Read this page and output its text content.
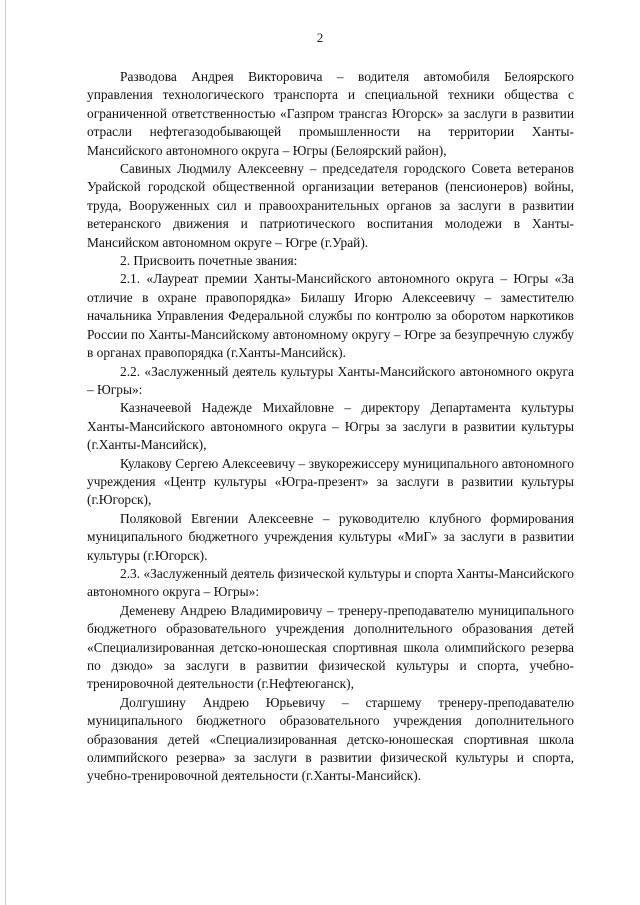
2

Разводова Андрея Викторовича – водителя автомобиля Белоярского управления технологического транспорта и специальной техники общества с ограниченной ответственностью «Газпром трансгаз Югорск» за заслуги в развитии отрасли нефтегазодобывающей промышленности на территории Ханты-Мансийского автономного округа – Югры (Белоярский район),

Савиных Людмилу Алексеевну – председателя городского Совета ветеранов Урайской городской общественной организации ветеранов (пенсионеров) войны, труда, Вооруженных сил и правоохранительных органов за заслуги в развитии ветеранского движения и патриотического воспитания молодежи в Ханты-Мансийском автономном округе – Югре (г.Урай).

2. Присвоить почетные звания:

2.1. «Лауреат премии Ханты-Мансийского автономного округа – Югры «За отличие в охране правопорядка» Билашу Игорю Алексеевичу – заместителю начальника Управления Федеральной службы по контролю за оборотом наркотиков России по Ханты-Мансийскому автономному округу – Югре за безупречную службу в органах правопорядка (г.Ханты-Мансийск).

2.2. «Заслуженный деятель культуры Ханты-Мансийского автономного округа – Югры»:

Казначеевой Надежде Михайловне – директору Департамента культуры Ханты-Мансийского автономного округа – Югры за заслуги в развитии культуры (г.Ханты-Мансийск),

Кулакову Сергею Алексеевичу – звукорежиссеру муниципального автономного учреждения «Центр культуры «Югра-презент» за заслуги в развитии культуры (г.Югорск),

Поляковой Евгении Алексеевне – руководителю клубного формирования муниципального бюджетного учреждения культуры «МиГ» за заслуги в развитии культуры (г.Югорск).

2.3. «Заслуженный деятель физической культуры и спорта Ханты-Мансийского автономного округа – Югры»:

Деменеву Андрею Владимировичу – тренеру-преподавателю муниципального бюджетного образовательного учреждения дополнительного образования детей «Специализированная детско-юношеская спортивная школа олимпийского резерва по дзюдо» за заслуги в развитии физической культуры и спорта, учебно-тренировочной деятельности (г.Нефтеюганск),

Долгушину Андрею Юрьевичу – старшему тренеру-преподавателю муниципального бюджетного образовательного учреждения дополнительного образования детей «Специализированная детско-юношеская спортивная школа олимпийского резерва» за заслуги в развитии физической культуры и спорта, учебно-тренировочной деятельности (г.Ханты-Мансийск).
